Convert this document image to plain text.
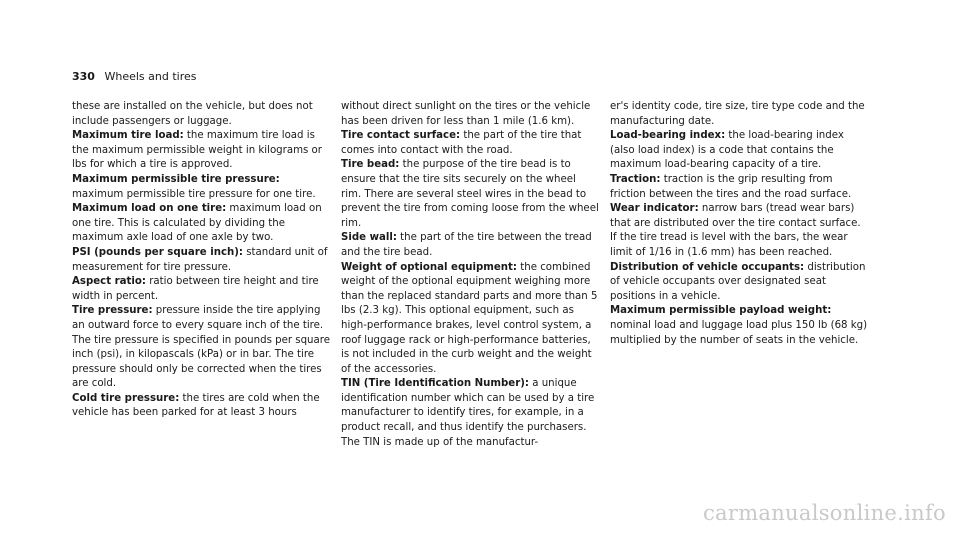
330 Wheels and tires

these are installed on the vehicle, but does not include passengers or luggage.

Maximum tire load: the maximum tire load is the maximum permissible weight in kilograms or lbs for which a tire is approved.

Maximum permissible tire pressure: maximum permissible tire pressure for one tire.

Maximum load on one tire: maximum load on one tire. This is calculated by dividing the maximum axle load of one axle by two.

PSI (pounds per square inch): standard unit of measurement for tire pressure.

Aspect ratio: ratio between tire height and tire width in percent.

Tire pressure: pressure inside the tire applying an outward force to every square inch of the tire. The tire pressure is specified in pounds per square inch (psi), in kilopascals (kPa) or in bar. The tire pressure should only be corrected when the tires are cold.

Cold tire pressure: the tires are cold when the vehicle has been parked for at least 3 hours

without direct sunlight on the tires or the vehicle has been driven for less than 1 mile (1.6 km).

Tire contact surface: the part of the tire that comes into contact with the road.

Tire bead: the purpose of the tire bead is to ensure that the tire sits securely on the wheel rim. There are several steel wires in the bead to prevent the tire from coming loose from the wheel rim.

Side wall: the part of the tire between the tread and the tire bead.

Weight of optional equipment: the combined weight of the optional equipment weighing more than the replaced standard parts and more than 5 lbs (2.3 kg). This optional equipment, such as high-performance brakes, level control system, a roof luggage rack or high-performance batteries, is not included in the curb weight and the weight of the accessories.

TIN (Tire Identification Number): a unique identification number which can be used by a tire manufacturer to identify tires, for example, in a product recall, and thus identify the purchasers. The TIN is made up of the manufactur-

er's identity code, tire size, tire type code and the manufacturing date.

Load-bearing index: the load-bearing index (also load index) is a code that contains the maximum load-bearing capacity of a tire.

Traction: traction is the grip resulting from friction between the tires and the road surface.

Wear indicator: narrow bars (tread wear bars) that are distributed over the tire contact surface. If the tire tread is level with the bars, the wear limit of 1/16 in (1.6 mm) has been reached.

Distribution of vehicle occupants: distribution of vehicle occupants over designated seat positions in a vehicle.

Maximum permissible payload weight: nominal load and luggage load plus 150 lb (68 kg) multiplied by the number of seats in the vehicle.

carmanualsonline.info
